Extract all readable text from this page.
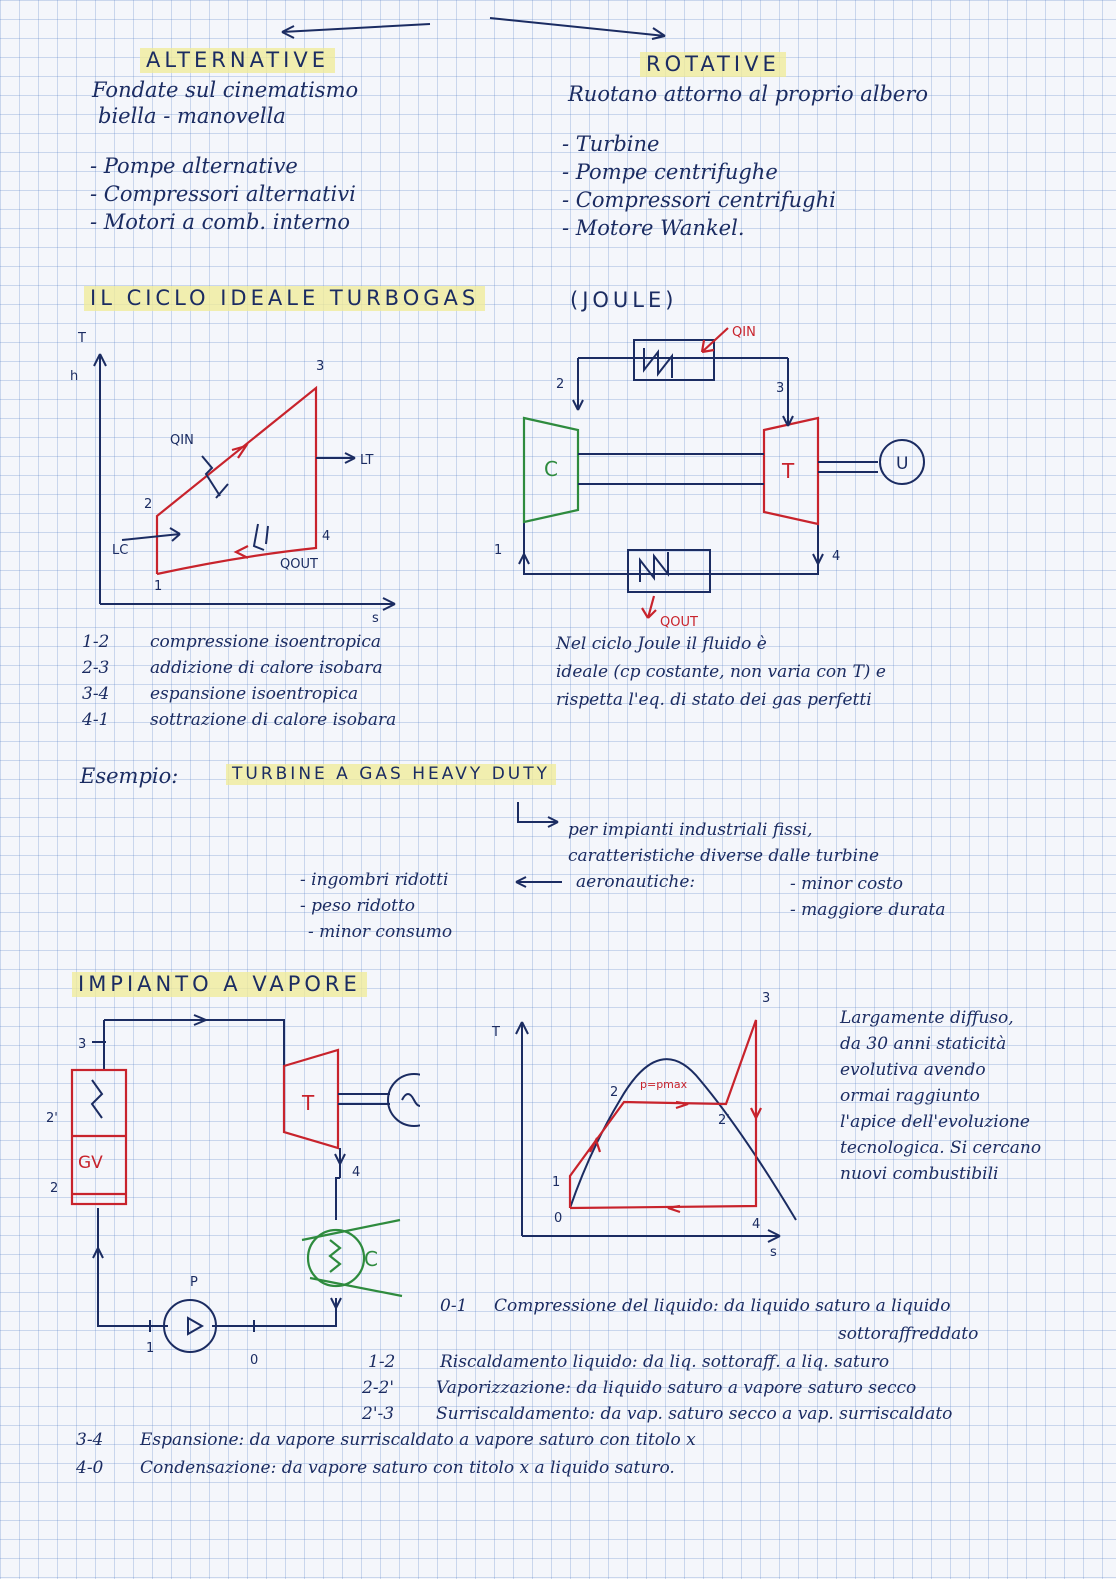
ALTERNATIVE
Fondate sul cinematismo
biella - manovella
- Pompe alternative
- Compressori alternativi
- Motori a comb. interno
ROTATIVE
Ruotano attorno al proprio albero
- Turbine
- Pompe centrifughe
- Compressori centrifughi
- Motore Wankel.
IL CICLO IDEALE TURBOGAS	(JOULE)
T
h
s
1
2
3
4
QIN
QOUT
LT
LC
2	3
1	4
C	T	U
QIN
QOUT
1-2 compressione isoentropica
2-3 addizione di calore isobara
3-4 espansione isoentropica
4-1 sottrazione di calore isobara
Nel ciclo Joule il fluido è
ideale (cp costante, non varia con T) e
rispetta l'eq. di stato dei gas perfetti
Esempio:	TURBINE A GAS HEAVY DUTY
per impianti industriali fissi,
caratteristiche diverse dalle turbine
aeronautiche:	- minor costo
- maggiore durata
- ingombri ridotti
- peso ridotto
- minor consumo
IMPIANTO A VAPORE
3
2'
2
GV
T
4
C
P
1
0
T
s
3
2
2'
1
0	4
p=pmax
Largamente diffuso,
da 30 anni staticità
evolutiva avendo
ormai raggiunto
l'apice dell'evoluzione
tecnologica. Si cercano
nuovi combustibili
0-1 Compressione del liquido: da liquido saturo a liquido
sottoraffreddato
1-2	Riscaldamento liquido: da liq. sottoraff. a liq. saturo
2-2' Vaporizzazione: da liquido saturo a vapore saturo secco
2'-3 Surriscaldamento: da vap. saturo secco a vap. surriscaldato
3-4 Espansione: da vapore surriscaldato a vapore saturo con titolo x
4-0 Condensazione: da vapore saturo con titolo x a liquido saturo.
